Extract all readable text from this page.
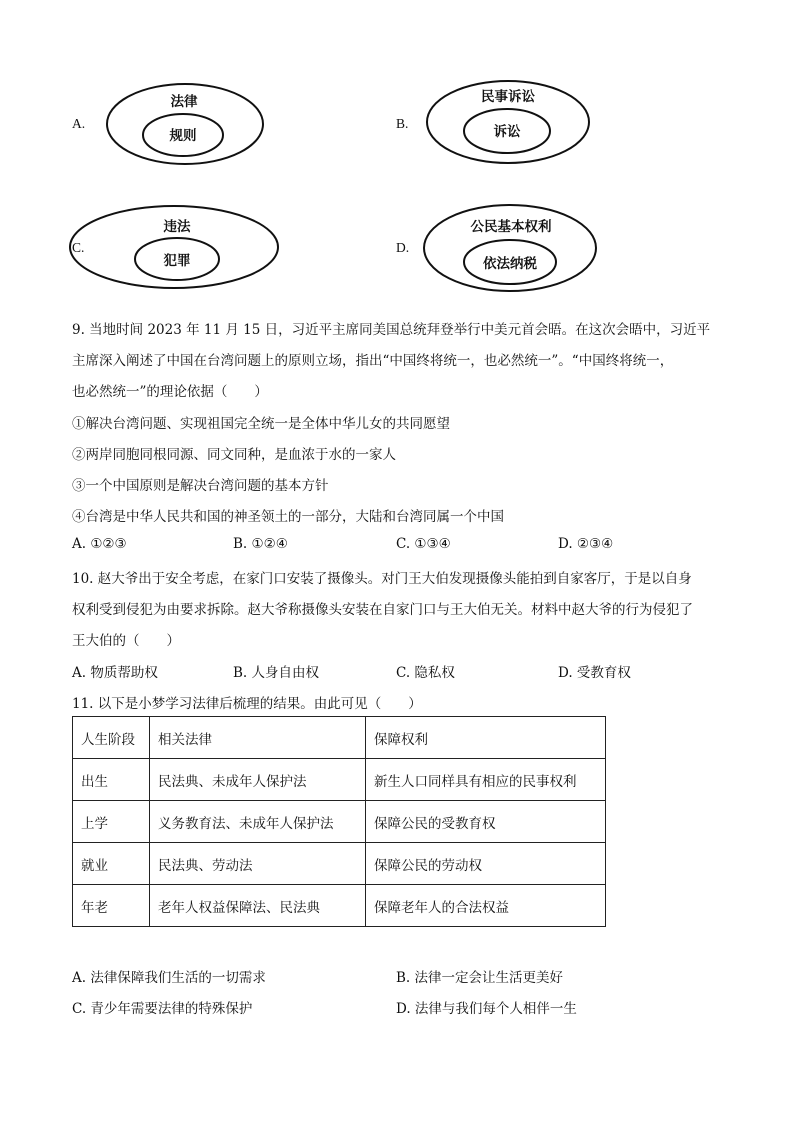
A.
法律
规则
民事诉讼
诉讼
违法
犯罪
公民基本权利
依法纳税
B.
C.	D.
9. 当地时间 2023 年 11 月 15 日，习近平主席同美国总统拜登举行中美元首会晤。在这次会晤中，习近平
主席深入阐述了中国在台湾问题上的原则立场，指出“中国终将统一，也必然统一”。“中国终将统一，
也必然统一”的理论依据（　　）
①解决台湾问题、实现祖国完全统一是全体中华儿女的共同愿望
②两岸同胞同根同源、同文同种，是血浓于水的一家人
③一个中国原则是解决台湾问题的基本方针
④台湾是中华人民共和国的神圣领土的一部分，大陆和台湾同属一个中国
A. ①②③	B. ①②④	C. ①③④	D. ②③④
10. 赵大爷出于安全考虑，在家门口安装了摄像头。对门王大伯发现摄像头能拍到自家客厅，于是以自身
权利受到侵犯为由要求拆除。赵大爷称摄像头安装在自家门口与王大伯无关。材料中赵大爷的行为侵犯了
王大伯的（　　）
A. 物质帮助权	B. 人身自由权	C. 隐私权	D. 受教育权
11. 以下是小梦学习法律后梳理的结果。由此可见（　　）
人生阶段	相关法律	保障权利
出生	民法典、未成年人保护法	新生人口同样具有相应的民事权利
上学	义务教育法、未成年人保护法	保障公民的受教育权
就业	民法典、劳动法	保障公民的劳动权
年老	老年人权益保障法、民法典	保障老年人的合法权益
A. 法律保障我们生活的一切需求	B. 法律一定会让生活更美好
C. 青少年需要法律的特殊保护	D. 法律与我们每个人相伴一生
